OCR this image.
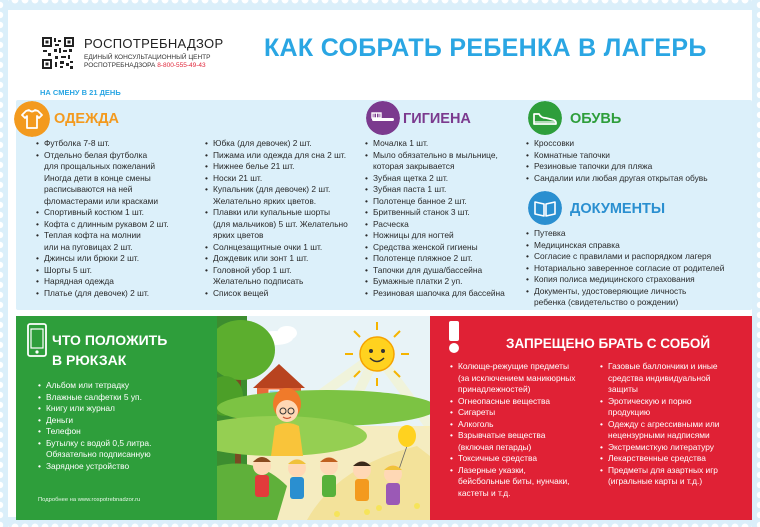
РОСПОТРЕБНАДЗОР
ЕДИНЫЙ КОНСУЛЬТАЦИОННЫЙ ЦЕНТР
РОСПОТРЕБНАДЗОРА 8-800-555-49-43
КАК СОБРАТЬ РЕБЕНКА В ЛАГЕРЬ
НА СМЕНУ В 21 ДЕНЬ
ОДЕЖДА
• Футболка 7-8 шт.
• Отдельно белая футболка
для прощальных пожеланий
Иногда дети в конце смены
расписываются на ней
фломастерами или красками
• Спортивный костюм 1 шт.
• Кофта с длинным рукавом 2 шт.
• Теплая кофта на молнии
или на пуговицах 2 шт.
• Джинсы или брюки 2 шт.
• Шорты 5 шт.
• Нарядная одежда
• Платье (для девочек) 2 шт.
• Юбка (для девочек) 2 шт.
• Пижама или одежда для сна 2 шт.
• Нижнее белье 21 шт.
• Носки 21 шт.
• Купальник (для девочек) 2 шт.
Желательно ярких цветов.
• Плавки или купальные шорты
(для мальчиков) 5 шт. Желательно
ярких цветов
• Солнцезащитные очки 1 шт.
• Дождевик или зонт 1 шт.
• Головной убор 1 шт.
Желательно подписать
• Список вещей
ГИГИЕНА
• Мочалка 1 шт.
• Мыло обязательно в мыльнице,
которая закрывается
• Зубная щетка 2 шт.
• Зубная паста 1 шт.
• Полотенце банное 2 шт.
• Бритвенный станок 3 шт.
• Расческа
• Ножницы для ногтей
• Средства женской гигиены
• Полотенце пляжное 2 шт.
• Тапочки для душа/бассейна
• Бумажные платки 2 уп.
• Резиновая шапочка для бассейна
ОБУВЬ
• Кроссовки
• Комнатные тапочки
• Резиновые тапочки для пляжа
• Сандалии или любая другая открытая обувь
ДОКУМЕНТЫ
• Путевка
• Медицинская справка
• Согласие с правилами и распорядком лагеря
• Нотариально заверенное согласие от родителей
• Копия полиса медицинского страхования
• Документы, удостоверяющие личность
ребенка (свидетельство о рождении)
ЧТО ПОЛОЖИТЬ
В РЮКЗАК
• Альбом или тетрадку
• Влажные салфетки 5 уп.
• Книгу или журнал
• Деньги
• Телефон
• Бутылку с водой 0,5 литра.
Обязательно подписанную
• Зарядное устройство
Подробнее на www.rospotrebnadzor.ru
ЗАПРЕЩЕНО БРАТЬ С СОБОЙ
• Колюще-режущие предметы
(за исключением маникюрных
принадлежностей)
• Огнеопасные вещества
• Сигареты
• Алкоголь
• Взрывчатые вещества
(включая петарды)
• Токсичные средства
• Лазерные указки,
бейсбольные биты, нунчаки,
кастеты и т.д.
• Газовые баллончики и иные
средства индивидуальной
защиты
• Эротическую и порно
продукцию
• Одежду с агрессивными или
нецензурными надписями
• Экстремисткую литературу
• Лекарственные средства
• Предметы для азартных игр
(игральные карты и т.д.)
